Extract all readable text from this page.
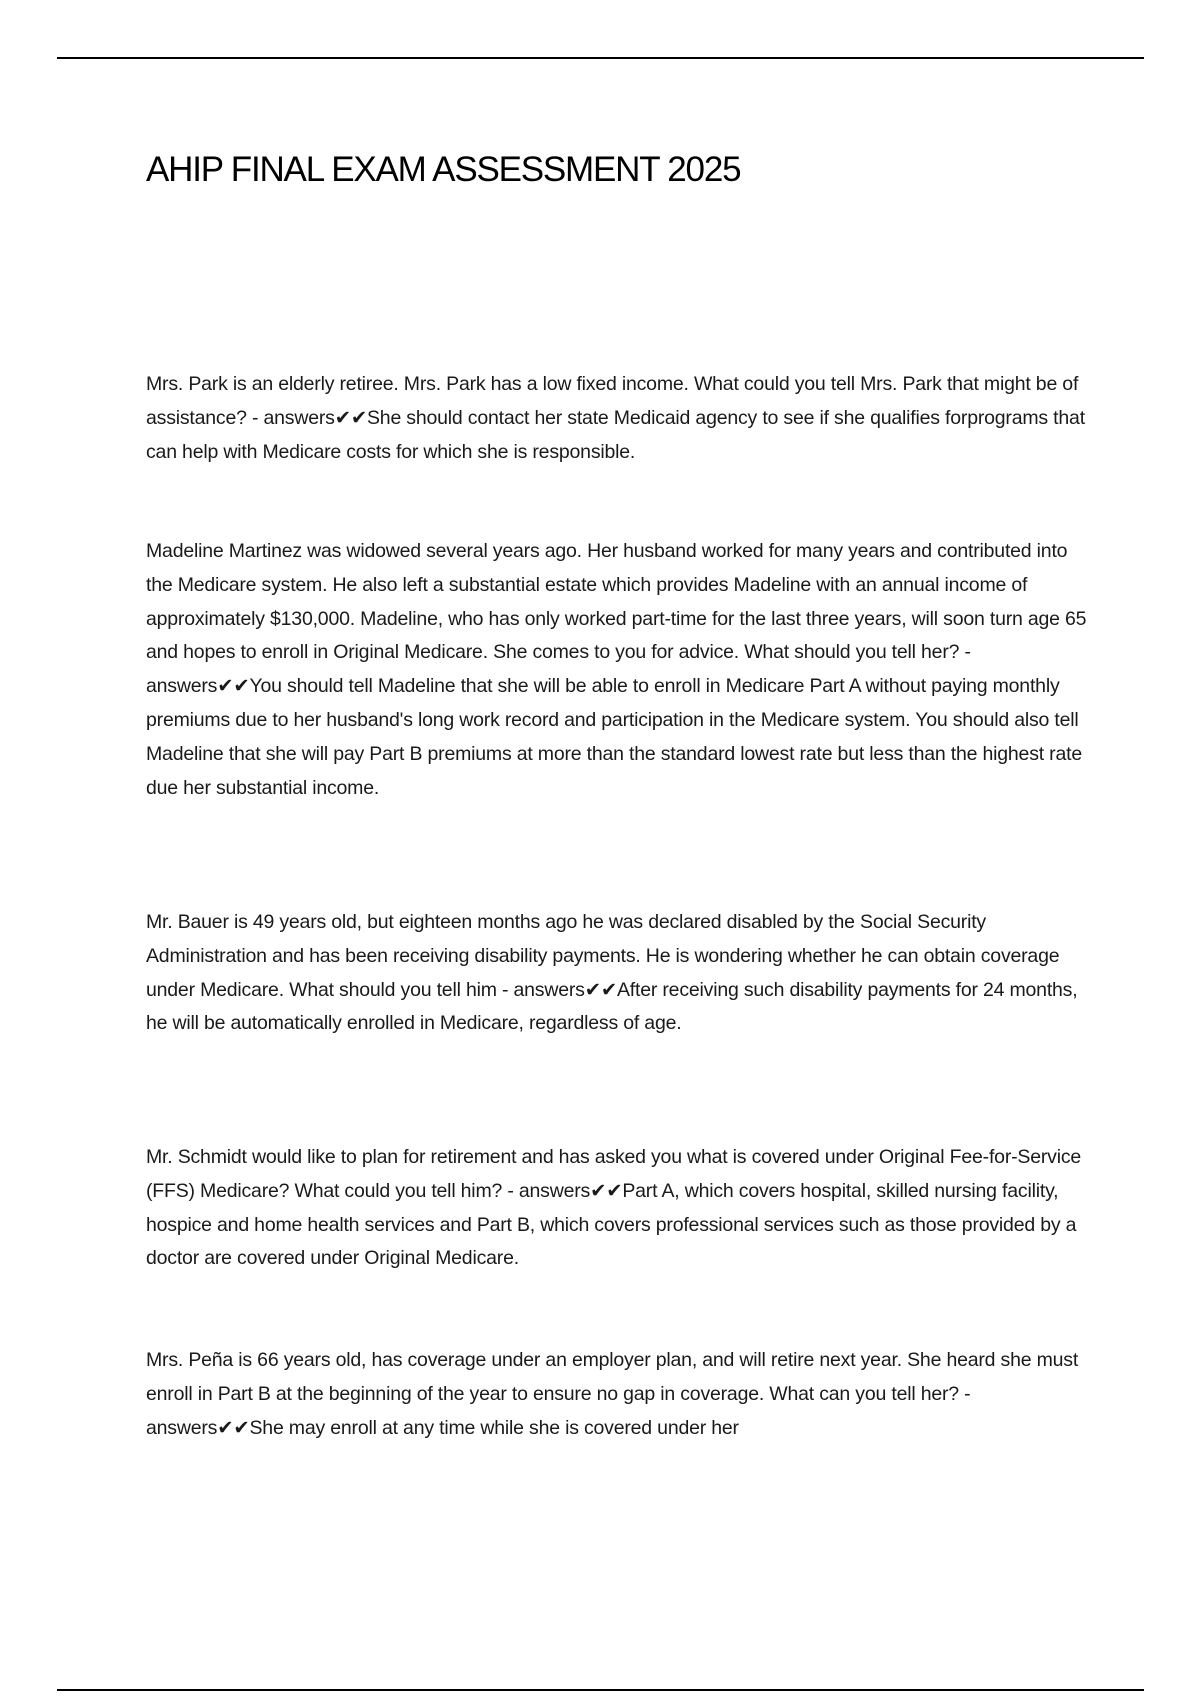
AHIP FINAL EXAM ASSESSMENT 2025

Mrs. Park is an elderly retiree. Mrs. Park has a low fixed income. What could you tell Mrs. Park that might be of assistance? - answers✔✔She should contact her state Medicaid agency to see if she qualifies forprograms that can help with Medicare costs for which she is responsible.

Madeline Martinez was widowed several years ago. Her husband worked for many years and contributed into the Medicare system. He also left a substantial estate which provides Madeline with an annual income of approximately $130,000. Madeline, who has only worked part-time for the last three years, will soon turn age 65 and hopes to enroll in Original Medicare. She comes to you for advice. What should you tell her? - answers✔✔You should tell Madeline that she will be able to enroll in Medicare Part A without paying monthly premiums due to her husband's long work record and participation in the Medicare system. You should also tell Madeline that she will pay Part B premiums at more than the standard lowest rate but less than the highest rate due her substantial income.

Mr. Bauer is 49 years old, but eighteen months ago he was declared disabled by the Social Security Administration and has been receiving disability payments. He is wondering whether he can obtain coverage under Medicare. What should you tell him - answers✔✔After receiving such disability payments for 24 months, he will be automatically enrolled in Medicare, regardless of age.

Mr. Schmidt would like to plan for retirement and has asked you what is covered under Original Fee-for-Service (FFS) Medicare? What could you tell him? - answers✔✔Part A, which covers hospital, skilled nursing facility, hospice and home health services and Part B, which covers professional services such as those provided by a doctor are covered under Original Medicare.

Mrs. Peña is 66 years old, has coverage under an employer plan, and will retire next year. She heard she must enroll in Part B at the beginning of the year to ensure no gap in coverage. What can you tell her? - answers✔✔She may enroll at any time while she is covered under her
